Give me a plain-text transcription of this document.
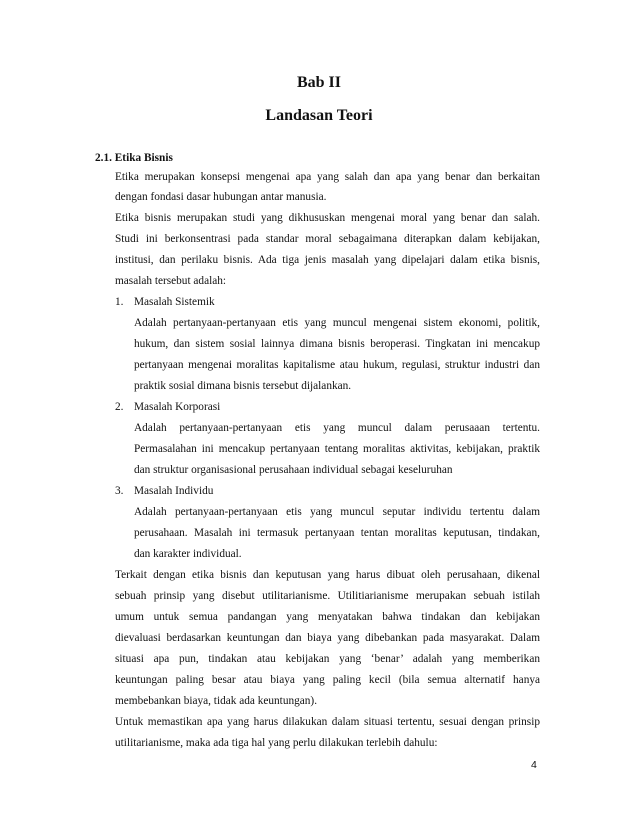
Bab II

Landasan Teori

2.1. Etika Bisnis

Etika merupakan konsepsi mengenai apa yang salah dan apa yang benar dan berkaitan

dengan fondasi dasar hubungan antar manusia.

Etika bisnis merupakan studi yang dikhususkan mengenai moral yang benar dan salah.

Studi ini berkonsentrasi pada standar moral sebagaimana diterapkan dalam kebijakan,

institusi, dan perilaku bisnis. Ada tiga jenis masalah yang dipelajari dalam etika bisnis,

masalah tersebut adalah:

1. Masalah Sistemik

Adalah pertanyaan-pertanyaan etis yang muncul mengenai sistem ekonomi, politik,

hukum, dan sistem sosial lainnya dimana bisnis beroperasi. Tingkatan ini mencakup

pertanyaan mengenai moralitas kapitalisme atau hukum, regulasi, struktur industri dan

praktik sosial dimana bisnis tersebut dijalankan.

2. Masalah Korporasi

Adalah pertanyaan-pertanyaan etis yang muncul dalam perusaaan tertentu.

Permasalahan ini mencakup pertanyaan tentang moralitas aktivitas, kebijakan, praktik

dan struktur organisasional perusahaan individual sebagai keseluruhan

3. Masalah Individu

Adalah pertanyaan-pertanyaan etis yang muncul seputar individu tertentu dalam

perusahaan. Masalah ini termasuk pertanyaan tentan moralitas keputusan, tindakan,

dan karakter individual.

Terkait dengan etika bisnis dan keputusan yang harus dibuat oleh perusahaan, dikenal

sebuah prinsip yang disebut utilitarianisme. Utilitiarianisme merupakan sebuah istilah

umum untuk semua pandangan yang menyatakan bahwa tindakan dan kebijakan

dievaluasi berdasarkan keuntungan dan biaya yang dibebankan pada masyarakat. Dalam

situasi apa pun, tindakan atau kebijakan yang ‘benar’ adalah yang memberikan

keuntungan paling besar atau biaya yang paling kecil (bila semua alternatif hanya

membebankan biaya, tidak ada keuntungan).

Untuk memastikan apa yang harus dilakukan dalam situasi tertentu, sesuai dengan prinsip

utilitarianisme, maka ada tiga hal yang perlu dilakukan terlebih dahulu:

4
